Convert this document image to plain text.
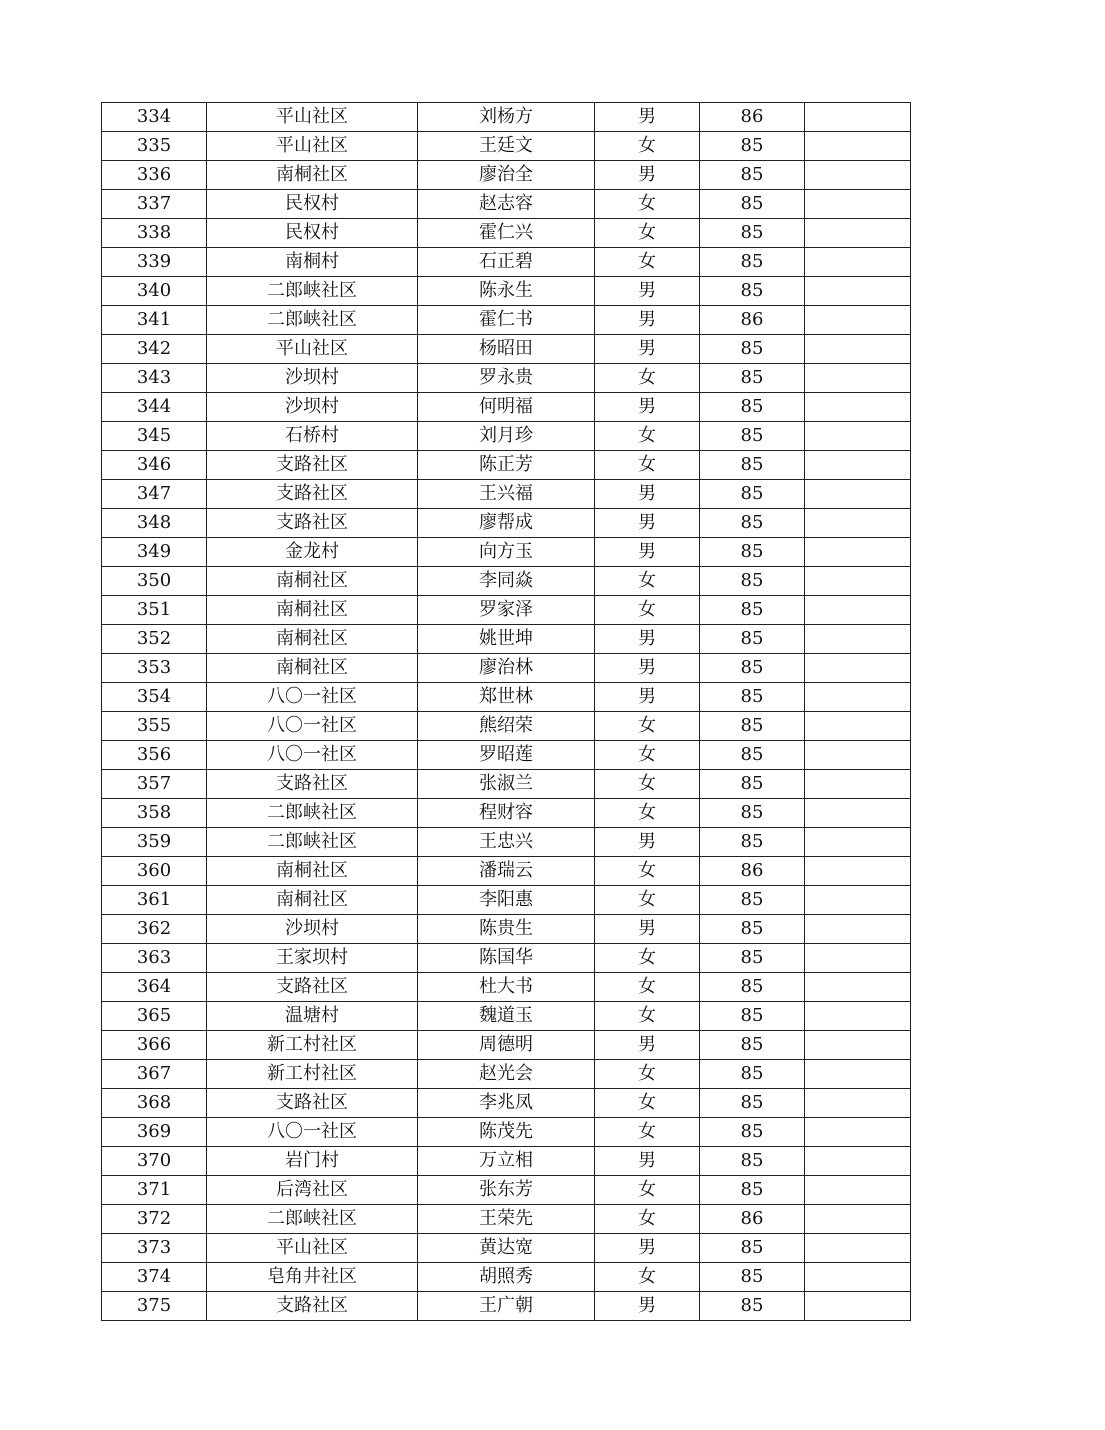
334	平山社区	刘杨方	男	86	
335	平山社区	王廷文	女	85	
336	南桐社区	廖治全	男	85	
337	民权村	赵志容	女	85	
338	民权村	霍仁兴	女	85	
339	南桐村	石正碧	女	85	
340	二郎峡社区	陈永生	男	85	
341	二郎峡社区	霍仁书	男	86	
342	平山社区	杨昭田	男	85	
343	沙坝村	罗永贵	女	85	
344	沙坝村	何明福	男	85	
345	石桥村	刘月珍	女	85	
346	支路社区	陈正芳	女	85	
347	支路社区	王兴福	男	85	
348	支路社区	廖帮成	男	85	
349	金龙村	向方玉	男	85	
350	南桐社区	李同焱	女	85	
351	南桐社区	罗家泽	女	85	
352	南桐社区	姚世坤	男	85	
353	南桐社区	廖治林	男	85	
354	八〇一社区	郑世林	男	85	
355	八〇一社区	熊绍荣	女	85	
356	八〇一社区	罗昭莲	女	85	
357	支路社区	张淑兰	女	85	
358	二郎峡社区	程财容	女	85	
359	二郎峡社区	王忠兴	男	85	
360	南桐社区	潘瑞云	女	86	
361	南桐社区	李阳惠	女	85	
362	沙坝村	陈贵生	男	85	
363	王家坝村	陈国华	女	85	
364	支路社区	杜大书	女	85	
365	温塘村	魏道玉	女	85	
366	新工村社区	周德明	男	85	
367	新工村社区	赵光会	女	85	
368	支路社区	李兆凤	女	85	
369	八〇一社区	陈茂先	女	85	
370	岩门村	万立相	男	85	
371	后湾社区	张东芳	女	85	
372	二郎峡社区	王荣先	女	86	
373	平山社区	黄达宽	男	85	
374	皂角井社区	胡照秀	女	85	
375	支路社区	王广朝	男	85	
